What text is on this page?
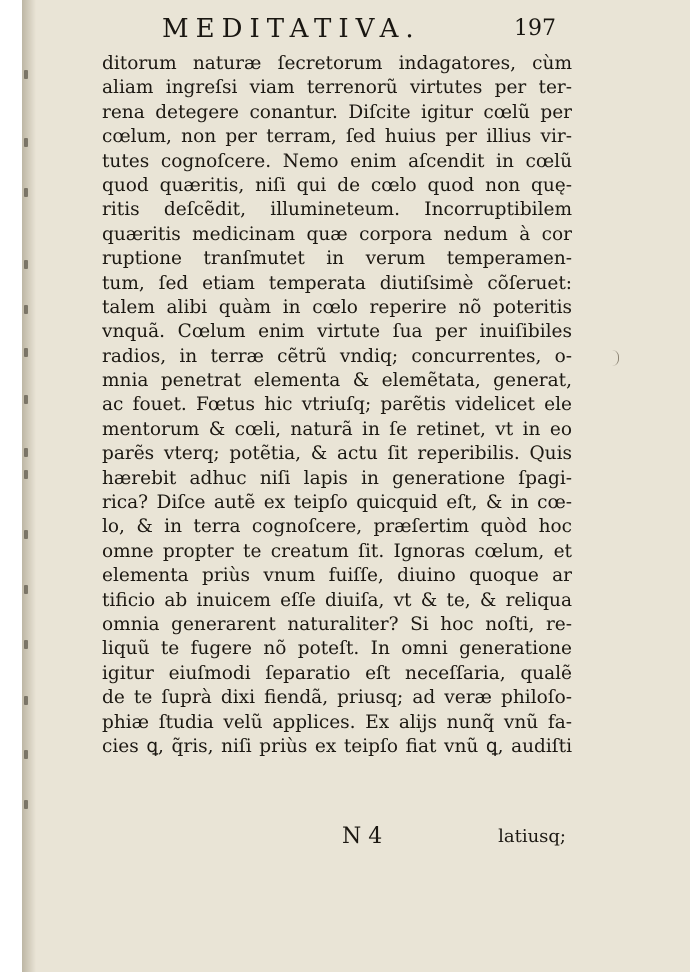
MEDITATIVA.	197
ditorum naturæ ſecretorum indagatores, cùm
aliam ingreſsi viam terrenorũ virtutes per ter-
rena detegere conantur. Diſcite igitur cœlũ per
cœlum, non per terram, ſed huius per illius vir-
tutes cognoſcere. Nemo enim aſcendit in cœlũ
quod quæritis, niſi qui de cœlo quod non quę-
ritis deſcẽdit, illumineteum. Incorruptibilem
quæritis medicinam quæ corpora nedum à cor
ruptione tranſmutet in verum temperamen-
tum, ſed etiam temperata diutiſsimè cõſeruet:
talem alibi quàm in cœlo reperire nõ poteritis
vnquã. Cœlum enim virtute ſua per inuiſibiles
radios, in terræ cẽtrũ vndiq; concurrentes, o-
mnia penetrat elementa & elemẽtata, generat,
ac fouet. Fœtus hic vtriuſq; parẽtis videlicet ele
mentorum & cœli, naturã in ſe retinet, vt in eo
parẽs vterq; potẽtia, & actu ſit reperibilis. Quis
hærebit adhuc niſi lapis in generatione ſpagi-
rica? Diſce autẽ ex teipſo quicquid eſt, & in cœ-
lo, & in terra cognoſcere, præſertim quòd hoc
omne propter te creatum ſit. Ignoras cœlum, et
elementa priùs vnum fuiſſe, diuino quoque ar
tificio ab inuicem eſſe diuiſa, vt & te, & reliqua
omnia generarent naturaliter? Si hoc noſti, re-
liquũ te fugere nõ poteſt. In omni generatione
igitur eiuſmodi ſeparatio eſt neceſſaria, qualẽ
de te ſuprà dixi fiendã, priusq; ad veræ philoſo-
phiæ ſtudia velũ applices. Ex alijs nunq̃ vnũ fa-
cies ꝗ, q̃ris, niſi priùs ex teipſo fiat vnũ ꝗ, audiſti
N 4	latiusq;
